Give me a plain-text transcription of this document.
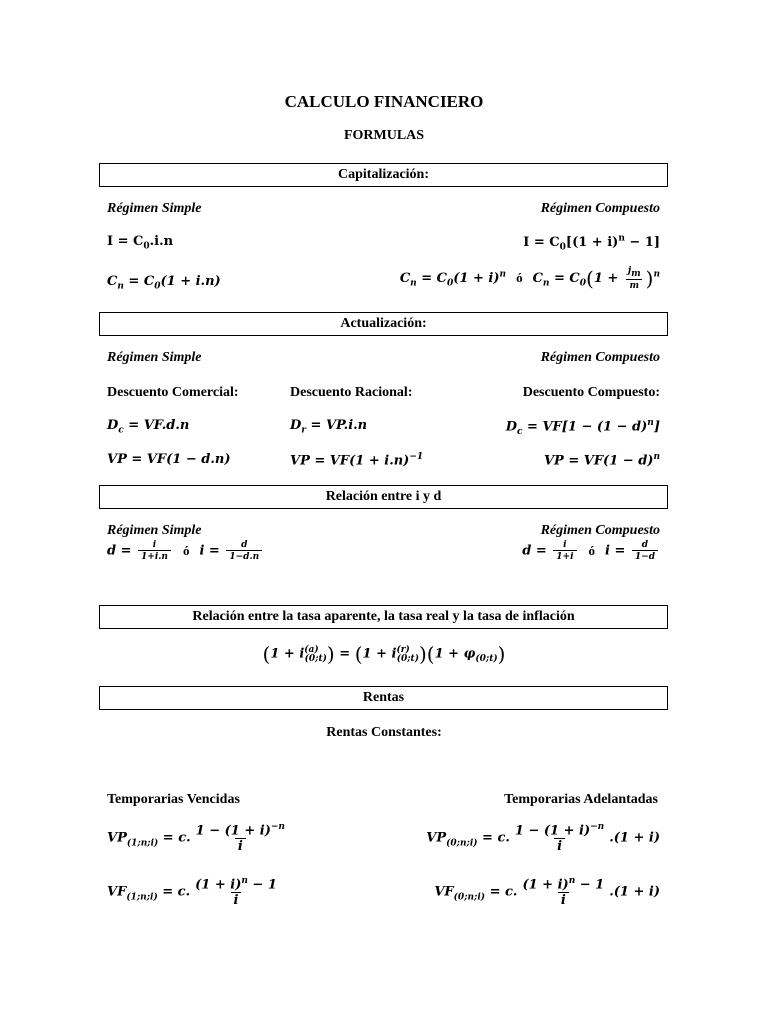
CALCULO FINANCIERO
FORMULAS
Capitalización:
Régimen Simple	Régimen Compuesto
$I = C_0.i.n$	$I = C_0[(1 + i)^n - 1]$
$C_n = C_0(1 + i.n)$	$C_n = C_0(1 + i)^n$ ó $C_n = C_0(1 + \frac{j_m}{m} )^n$
Actualización:
Régimen Simple	Régimen Compuesto
Descuento Comercial:	Descuento Racional:	Descuento Compuesto:
$D_c = VF.d.n$	$D_r = VP.i.n$	$D_c = VF[1 - (1 - d)^n]$
VP = VF(1 − d.n)	VP = $VF(1 + i.n)^{-1}$	VP = $VF(1 - d)^n$
Relación entre i y d
Régimen Simple	Régimen Compuesto
$d = \frac{i}{1+i.n}$ ó $i = \frac{d}{1-d.n}$	$d = \frac{i}{1+i}$ ó $i = \frac{d}{1-d}$
Relación entre la tasa aparente, la tasa real y la tasa de inflación
$(1 + i^{(a)}_{(0;t)}) = (1 + i^{(r)}_{(0;t)})(1 + \varphi_{(0;t)})$
Rentas
Rentas Constantes:
Temporarias Vencidas	Temporarias Adelantadas
$VP_{(1;n;i)} = c$. $\frac{1 - (1 + i)^{-n}}{i}$	$VP_{(0;n;i)} = c$. $\frac{1 - (1 + i)^{-n}}{i} .(1 + i)$
$VF_{(1;n;i)} = c$. $\frac{(1 + i)^n - 1}{i}$	$VF_{(0;n;i)} = c$. $\frac{(1 + i)^n - 1}{i} .(1 + i)$
